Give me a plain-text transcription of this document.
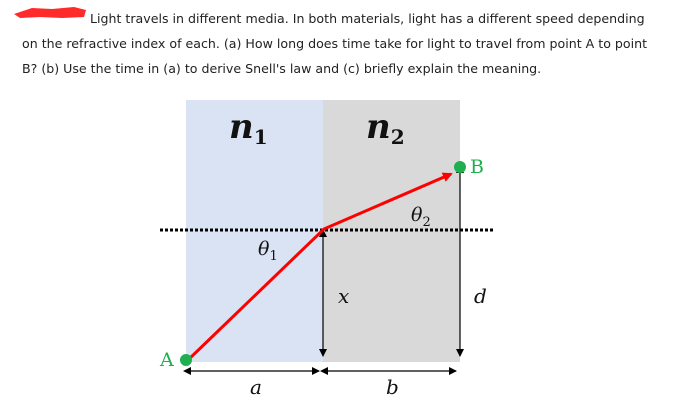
Light travels in different media. In both materials, light has a different speed depending
on the refractive index of each. (a) How long does time take for light to travel from point A to point
B? (b) Use the time in (a) to derive Snell's law and (c) briefly explain the meaning.
A
B
n1	n2
$\theta_1$
$\theta_2$
x	d
a	b
